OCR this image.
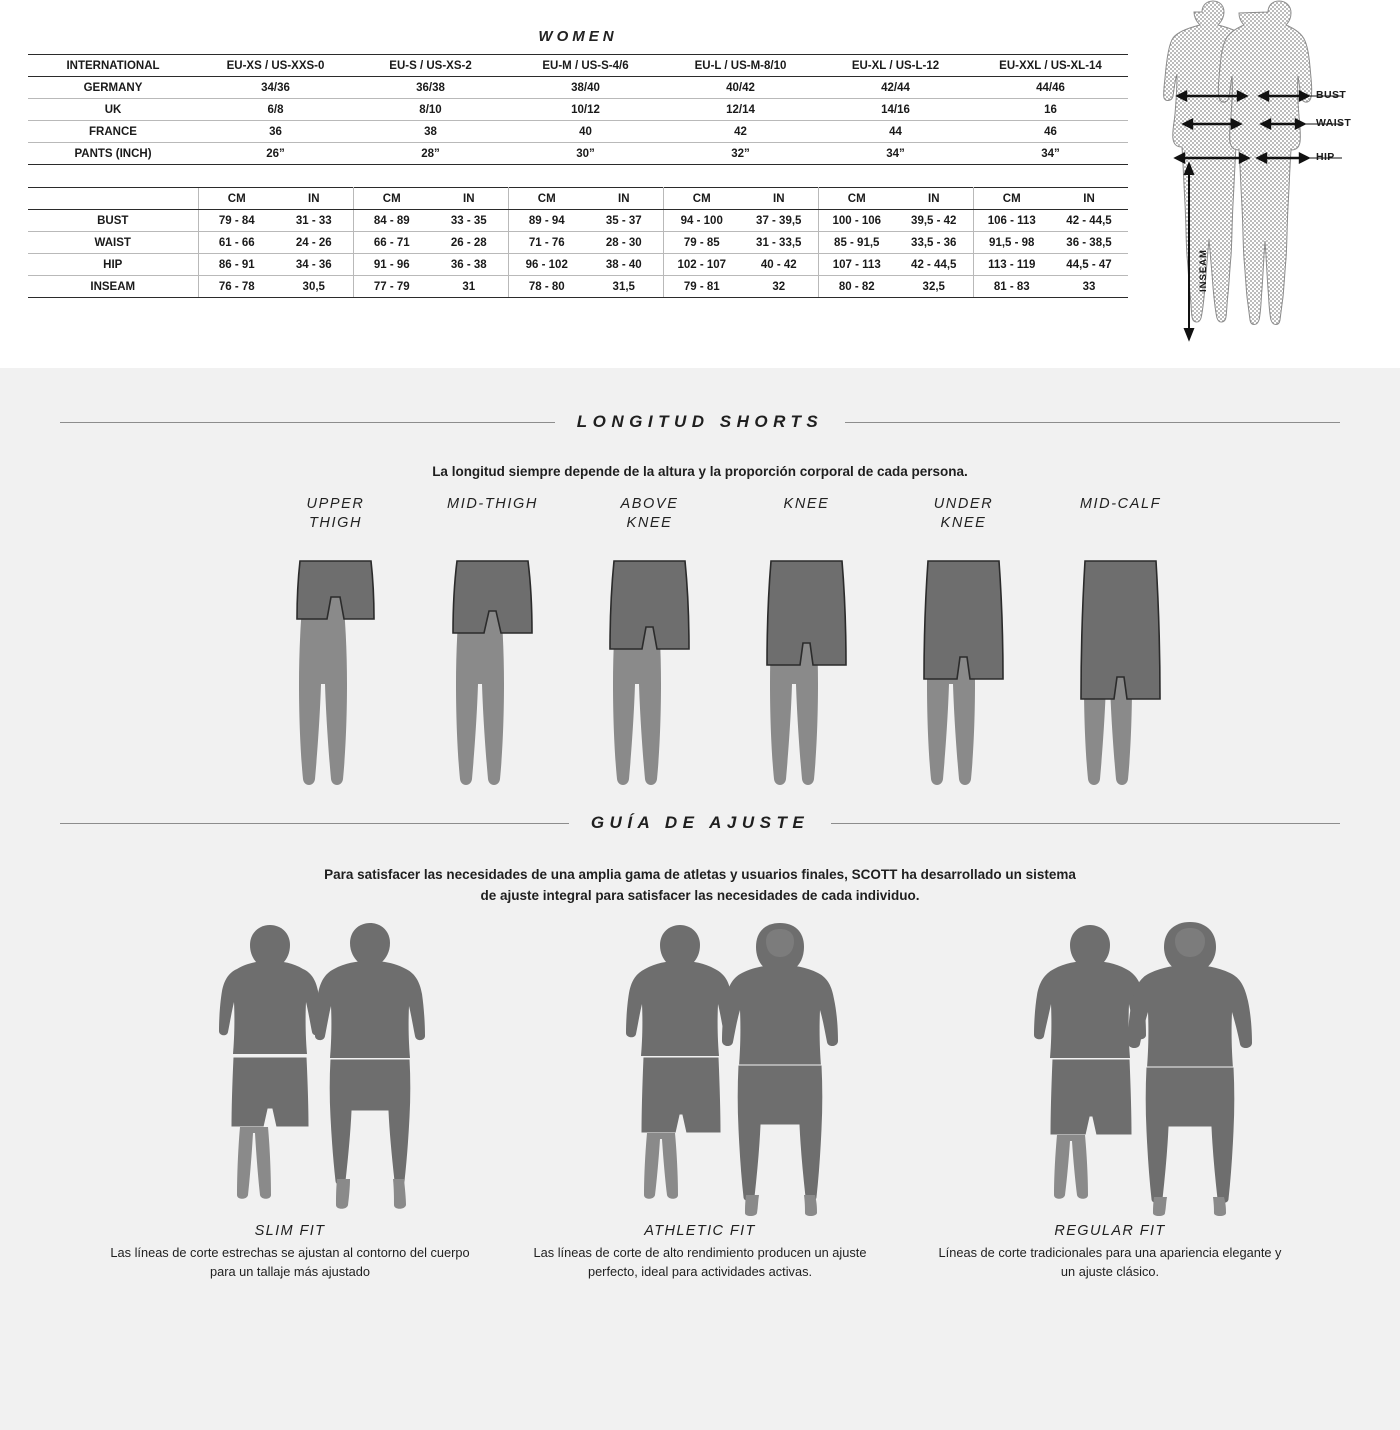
WOMEN
INTERNATIONAL	EU-XS / US-XXS-0	EU-S / US-XS-2	EU-M / US-S-4/6	EU-L / US-M-8/10	EU-XL / US-L-12	EU-XXL / US-XL-14
GERMANY	34/36	36/38	38/40	40/42	42/44	44/46
UK	6/8	8/10	10/12	12/14	14/16	16
FRANCE	36	38	40	42	44	46
PANTS (INCH)	26”	28”	30”	32”	34”	34”

	CM	IN	CM	IN	CM	IN	CM	IN	CM	IN	CM	IN
BUST	79 - 84	31 - 33	84 - 89	33 - 35	89 - 94	35 - 37	94 - 100	37 - 39,5	100 - 106	39,5 - 42	106 - 113	42 - 44,5
WAIST	61 - 66	24 - 26	66 - 71	26 - 28	71 - 76	28 - 30	79 - 85	31 - 33,5	85 - 91,5	33,5 - 36	91,5 - 98	36 - 38,5
HIP	86 - 91	34 - 36	91 - 96	36 - 38	96 - 102	38 - 40	102 - 107	40 - 42	107 - 113	42 - 44,5	113 - 119	44,5 - 47
INSEAM	76 - 78	30,5	77 - 79	31	78 - 80	31,5	79 - 81	32	80 - 82	32,5	81 - 83	33
BUST
WAIST
HIP
INSEAM
LONGITUD SHORTS
La longitud siempre depende de la altura y la proporción corporal de cada persona.
UPPER
THIGH
MID-THIGH	ABOVE
KNEE
KNEE	UNDER
KNEE
MID-CALF
GUÍA DE AJUSTE
Para satisfacer las necesidades de una amplia gama de atletas y usuarios finales, SCOTT ha desarrollado un sistema
de ajuste integral para satisfacer las necesidades de cada individuo.
SLIM FIT
Las líneas de corte estrechas se ajustan al contorno del cuerpo para un tallaje más ajustado
ATHLETIC FIT
Las líneas de corte de alto rendimiento producen un ajuste perfecto, ideal para actividades activas.
REGULAR FIT
Líneas de corte tradicionales para una apariencia elegante y un ajuste clásico.
